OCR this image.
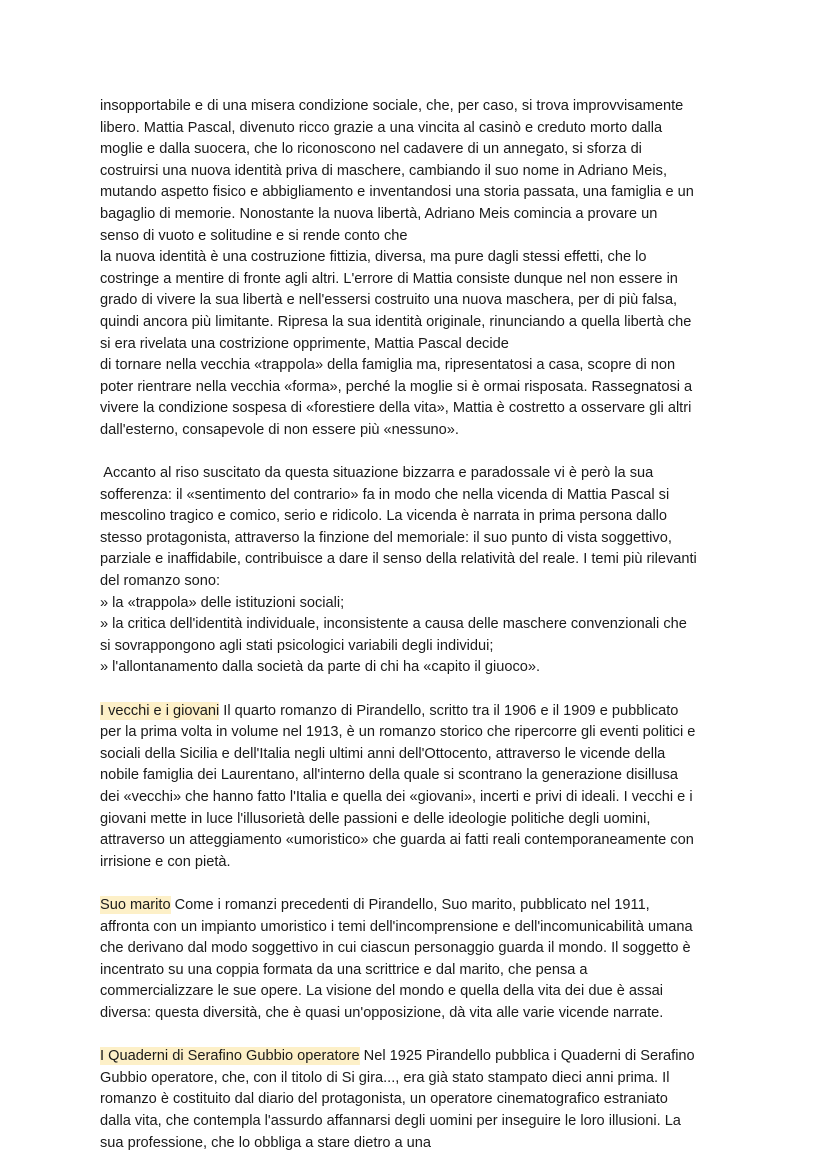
insopportabile e di una misera condizione sociale, che, per caso, si trova improvvisamente
libero. Mattia Pascal, divenuto ricco grazie a una vincita al casinò e creduto morto dalla
moglie e dalla suocera, che lo riconoscono nel cadavere di un annegato, si sforza di
costruirsi una nuova identità priva di maschere, cambiando il suo nome in Adriano Meis,
mutando aspetto fisico e abbigliamento e inventandosi una storia passata, una famiglia e un
bagaglio di memorie. Nonostante la nuova libertà, Adriano Meis comincia a provare un
senso di vuoto e solitudine e si rende conto che
la nuova identità è una costruzione fittizia, diversa, ma pure dagli stessi effetti, che lo
costringe a mentire di fronte agli altri. L'errore di Mattia consiste dunque nel non essere in
grado di vivere la sua libertà e nell'essersi costruito una nuova maschera, per di più falsa,
quindi ancora più limitante. Ripresa la sua identità originale, rinunciando a quella libertà che
si era rivelata una costrizione opprimente, Mattia Pascal decide
di tornare nella vecchia «trappola» della famiglia ma, ripresentatosi a casa, scopre di non
poter rientrare nella vecchia «forma», perché la moglie si è ormai risposata. Rassegnatosi a
vivere la condizione sospesa di «forestiere della vita», Mattia è costretto a osservare gli altri
dall'esterno, consapevole di non essere più «nessuno».

Accanto al riso suscitato da questa situazione bizzarra e paradossale vi è però la sua
sofferenza: il «sentimento del contrario» fa in modo che nella vicenda di Mattia Pascal si
mescolino tragico e comico, serio e ridicolo. La vicenda è narrata in prima persona dallo
stesso protagonista, attraverso la finzione del memoriale: il suo punto di vista soggettivo,
parziale e inaffidabile, contribuisce a dare il senso della relatività del reale. I temi più rilevanti
del romanzo sono:
» la «trappola» delle istituzioni sociali;
» la critica dell'identità individuale, inconsistente a causa delle maschere convenzionali che
si sovrappongono agli stati psicologici variabili degli individui;
» l'allontanamento dalla società da parte di chi ha «capito il giuoco».

I vecchi e i giovani Il quarto romanzo di Pirandello, scritto tra il 1906 e il 1909 e pubblicato
per la prima volta in volume nel 1913, è un romanzo storico che ripercorre gli eventi politici e
sociali della Sicilia e dell'Italia negli ultimi anni dell'Ottocento, attraverso le vicende della
nobile famiglia dei Laurentano, all'interno della quale si scontrano la generazione disillusa
dei «vecchi» che hanno fatto l'Italia e quella dei «giovani», incerti e privi di ideali. I vecchi e i
giovani mette in luce l'illusorietà delle passioni e delle ideologie politiche degli uomini,
attraverso un atteggiamento «umoristico» che guarda ai fatti reali contemporaneamente con
irrisione e con pietà.

Suo marito Come i romanzi precedenti di Pirandello, Suo marito, pubblicato nel 1911,
affronta con un impianto umoristico i temi dell'incomprensione e dell'incomunicabilità umana
che derivano dal modo soggettivo in cui ciascun personaggio guarda il mondo. Il soggetto è
incentrato su una coppia formata da una scrittrice e dal marito, che pensa a
commercializzare le sue opere. La visione del mondo e quella della vita dei due è assai
diversa: questa diversità, che è quasi un'opposizione, dà vita alle varie vicende narrate.

I Quaderni di Serafino Gubbio operatore Nel 1925 Pirandello pubblica i Quaderni di Serafino
Gubbio operatore, che, con il titolo di Si gira..., era già stato stampato dieci anni prima. Il
romanzo è costituito dal diario del protagonista, un operatore cinematografico estraniato
dalla vita, che contempla l'assurdo affannarsi degli uomini per inseguire le loro illusioni. La
sua professione, che lo obbliga a stare dietro a una
